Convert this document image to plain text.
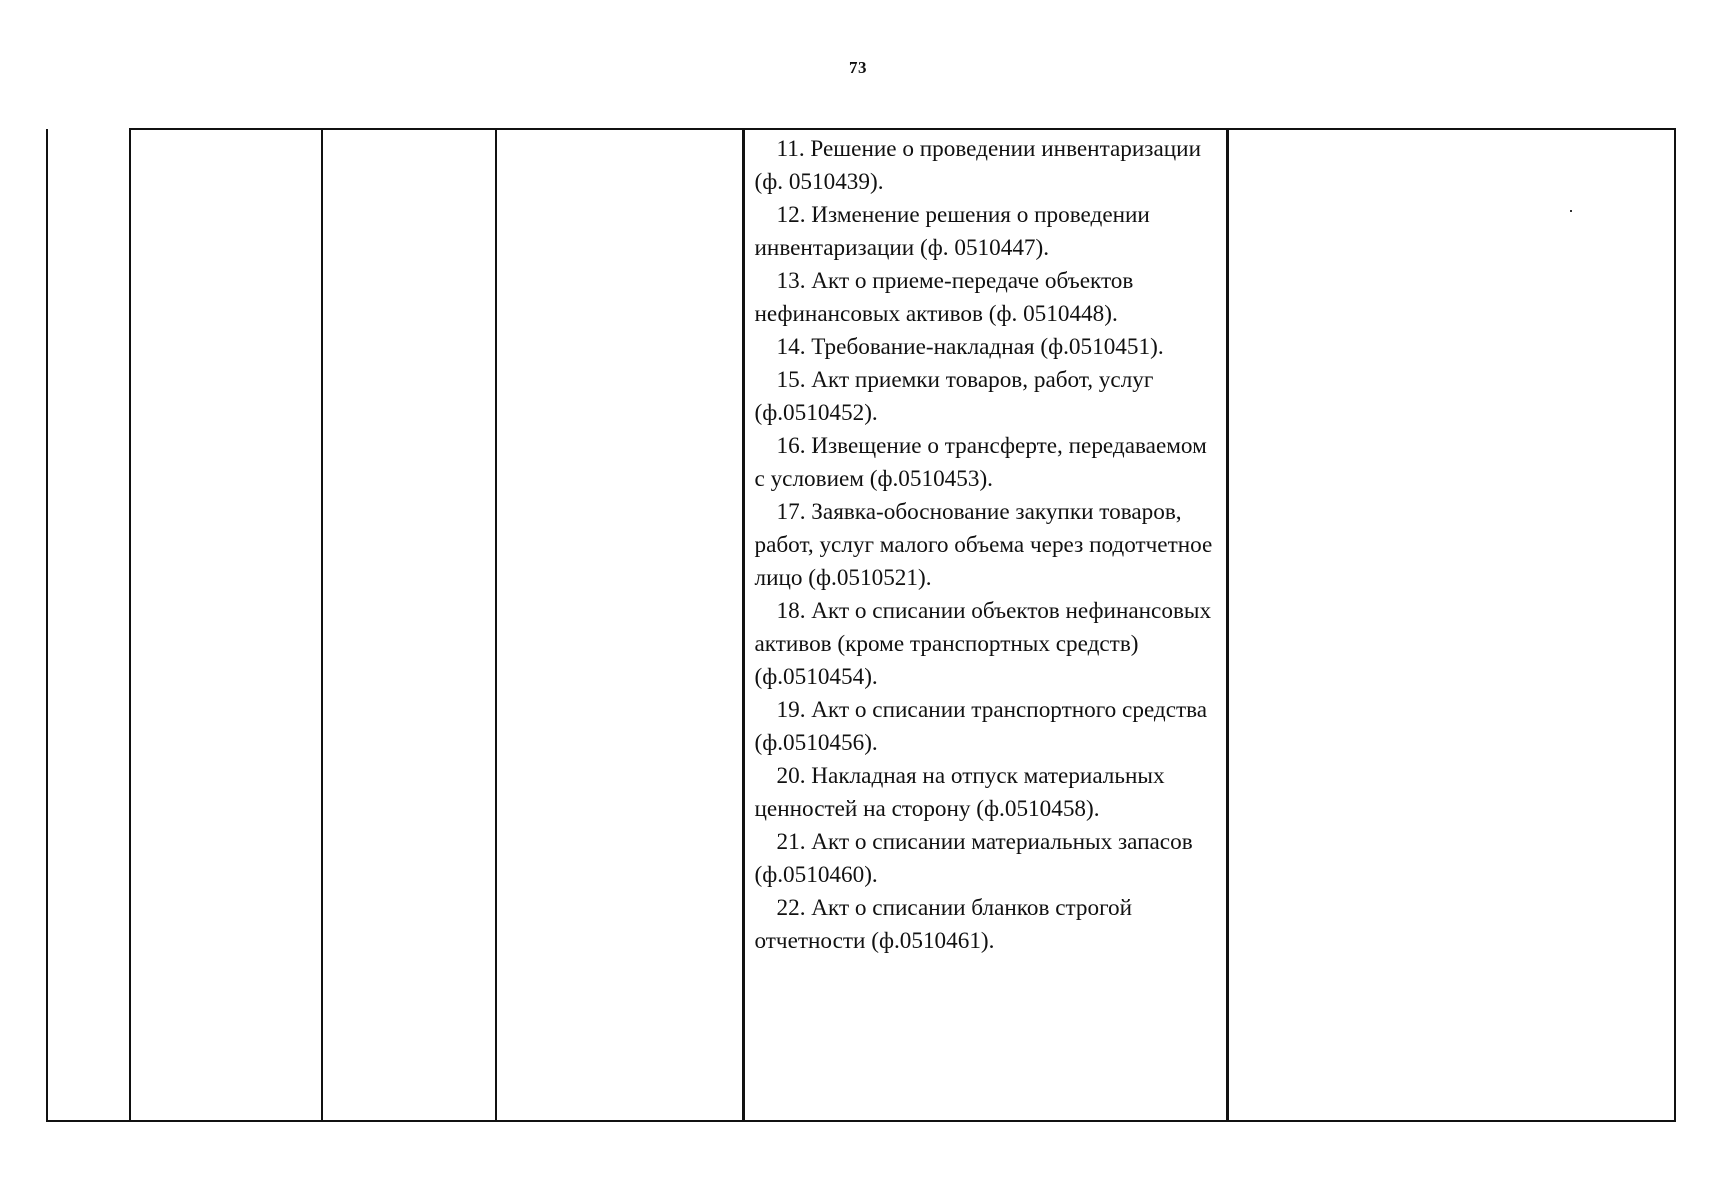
73

11. Решение о проведении инвентаризации (ф. 0510439).
12. Изменение решения о проведении инвентаризации (ф. 0510447).
13. Акт о приеме-передаче объектов нефинансовых активов (ф. 0510448).
14. Требование-накладная (ф.0510451).
15. Акт приемки товаров, работ, услуг (ф.0510452).
16. Извещение о трансферте, передаваемом с условием (ф.0510453).
17. Заявка-обоснование закупки товаров, работ, услуг малого объема через подотчетное лицо (ф.0510521).
18. Акт о списании объектов нефинансовых активов (кроме транспортных средств) (ф.0510454).
19. Акт о списании транспортного средства (ф.0510456).
20. Накладная на отпуск материальных ценностей на сторону (ф.0510458).
21. Акт о списании материальных запасов (ф.0510460).
22. Акт о списании бланков строгой отчетности (ф.0510461).
